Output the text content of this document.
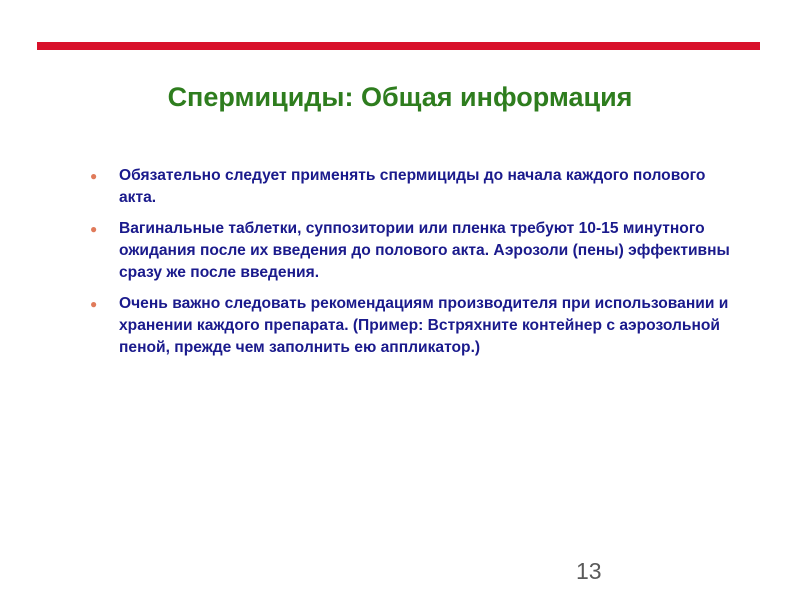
Спермициды: Общая информация
● Обязательно следует применять спермициды до начала каждого полового акта.
● Вагинальные таблетки, суппозитории или пленка требуют 10-15 минутного ожидания после их введения до полового акта. Аэрозоли (пены) эффективны сразу же после введения.
● Очень важно следовать рекомендациям производителя при использовании и хранении каждого препарата. (Пример: Встряхните контейнер с аэрозольной пеной, прежде чем заполнить ею аппликатор.)
13
